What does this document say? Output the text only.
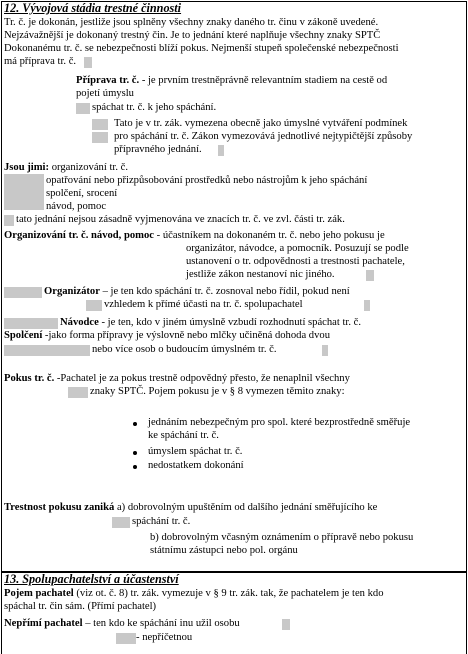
12. Vývojová stádia trestné činnosti
Tr. č. je dokonán, jestliže jsou splněny všechny znaky daného tr. činu v zákoně uvedené.
Nejzávažnější je dokonaný trestný čin. Je to jednání které naplňuje všechny znaky SPTČ
Dokonanému tr. č. se nebezpečnosti blíží pokus. Nejmenší stupeň společenské nebezpečnosti
má příprava tr. č.
Příprava tr. č. - je prvním trestněprávně relevantním stadiem na cestě od
pojetí úmyslu
spáchat tr. č. k jeho spáchání.
Tato je v tr. zák. vymezena obecně jako úmyslné vytváření podmínek
pro spáchání tr. č. Zákon vymezovává jednotlivé nejtypičtější způsoby
přípravného jednání.
Jsou jimi: organizování tr. č.
opatřování nebo přizpůsobování prostředků nebo nástrojům k jeho spáchání
spolčení, srocení
návod, pomoc
tato jednání nejsou zásadně vyjmenována ve znacích tr. č. ve zvl. části tr. zák.
Organizování tr. č. návod, pomoc - účastníkem na dokonaném tr. č. nebo jeho pokusu je
organizátor, návodce, a pomocník. Posuzují se podle
ustanovení o tr. odpovědnosti a trestnosti pachatele,
jestliže zákon nestanoví nic jiného.
Organizátor – je ten kdo spáchání tr. č. zosnoval nebo řídil, pokud není
vzhledem k přímé účasti na tr. č. spolupachatel
Návodce - je ten, kdo v jiném úmyslně vzbudí rozhodnutí spáchat tr. č.
Spolčení -jako forma přípravy je výslovně nebo mlčky učiněná dohoda dvou
nebo více osob o budoucím úmyslném tr. č.
Pokus tr. č. -Pachatel je za pokus trestně odpovědný přesto, že nenaplnil všechny
znaky SPTČ. Pojem pokusu je v § 8 vymezen těmito znaky:
jednáním nebezpečným pro spol. které bezprostředně směřuje
ke spáchání tr. č.
úmyslem spáchat tr. č.
nedostatkem dokonání
Trestnost pokusu zaniká a) dobrovolným upuštěním od dalšího jednání směřujícího ke
spáchání tr. č.
b) dobrovolným včasným oznámením o přípravě nebo pokusu
státnímu zástupci nebo pol. orgánu
13. Spolupachatelství a účastenství
Pojem pachatel (viz ot. č. 8) tr. zák. vymezuje v § 9 tr. zák. tak, že pachatelem je ten kdo
spáchal tr. čin sám. (Přímí pachatel)
Nepřímí pachatel – ten kdo ke spáchání inu užil osobu
- nepříčetnou
